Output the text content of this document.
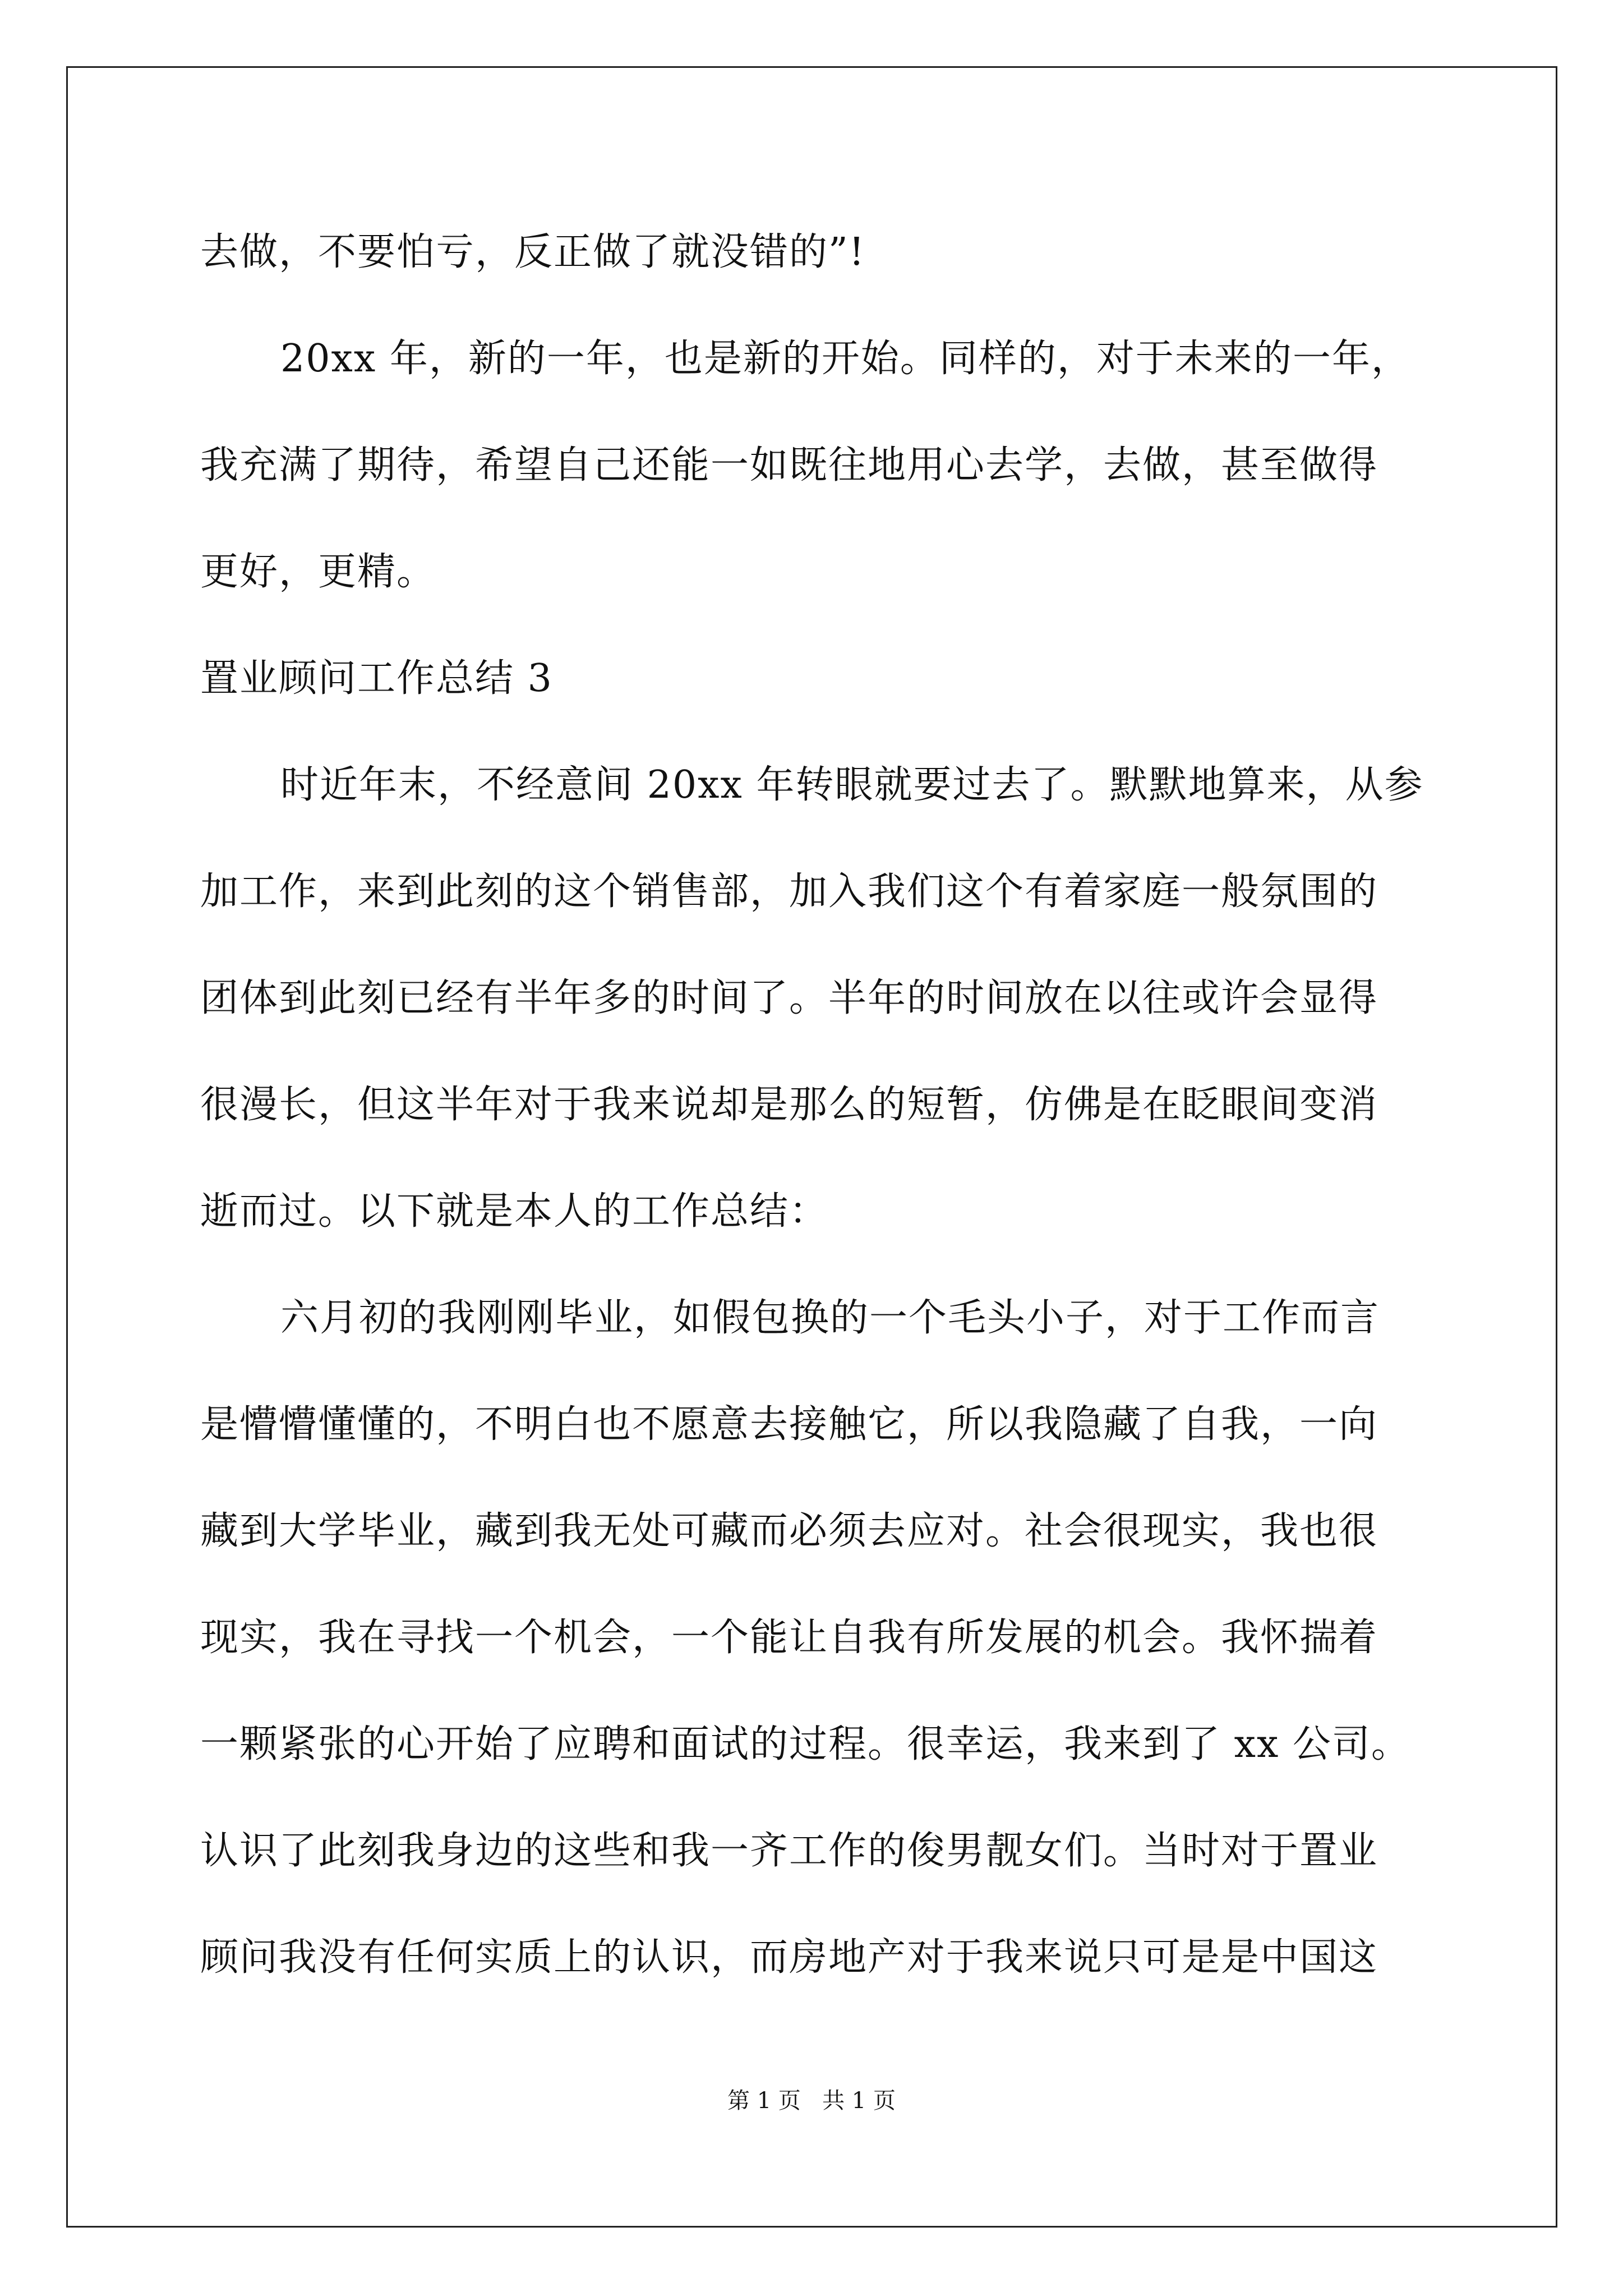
去做，不要怕亏，反正做了就没错的”!
20xx 年，新的一年，也是新的开始。同样的，对于未来的一年，
我充满了期待，希望自己还能一如既往地用心去学，去做，甚至做得
更好，更精。
置业顾问工作总结 3
时近年末，不经意间 20xx 年转眼就要过去了。默默地算来，从参
加工作，来到此刻的这个销售部，加入我们这个有着家庭一般氛围的
团体到此刻已经有半年多的时间了。半年的时间放在以往或许会显得
很漫长，但这半年对于我来说却是那么的短暂，仿佛是在眨眼间变消
逝而过。以下就是本人的工作总结：
六月初的我刚刚毕业，如假包换的一个毛头小子，对于工作而言
是懵懵懂懂的，不明白也不愿意去接触它，所以我隐藏了自我，一向
藏到大学毕业，藏到我无处可藏而必须去应对。社会很现实，我也很
现实，我在寻找一个机会，一个能让自我有所发展的机会。我怀揣着
一颗紧张的心开始了应聘和面试的过程。很幸运，我来到了 xx 公司。
认识了此刻我身边的这些和我一齐工作的俊男靓女们。当时对于置业
顾问我没有任何实质上的认识，而房地产对于我来说只可是是中国这
第 1 页   共 1 页
